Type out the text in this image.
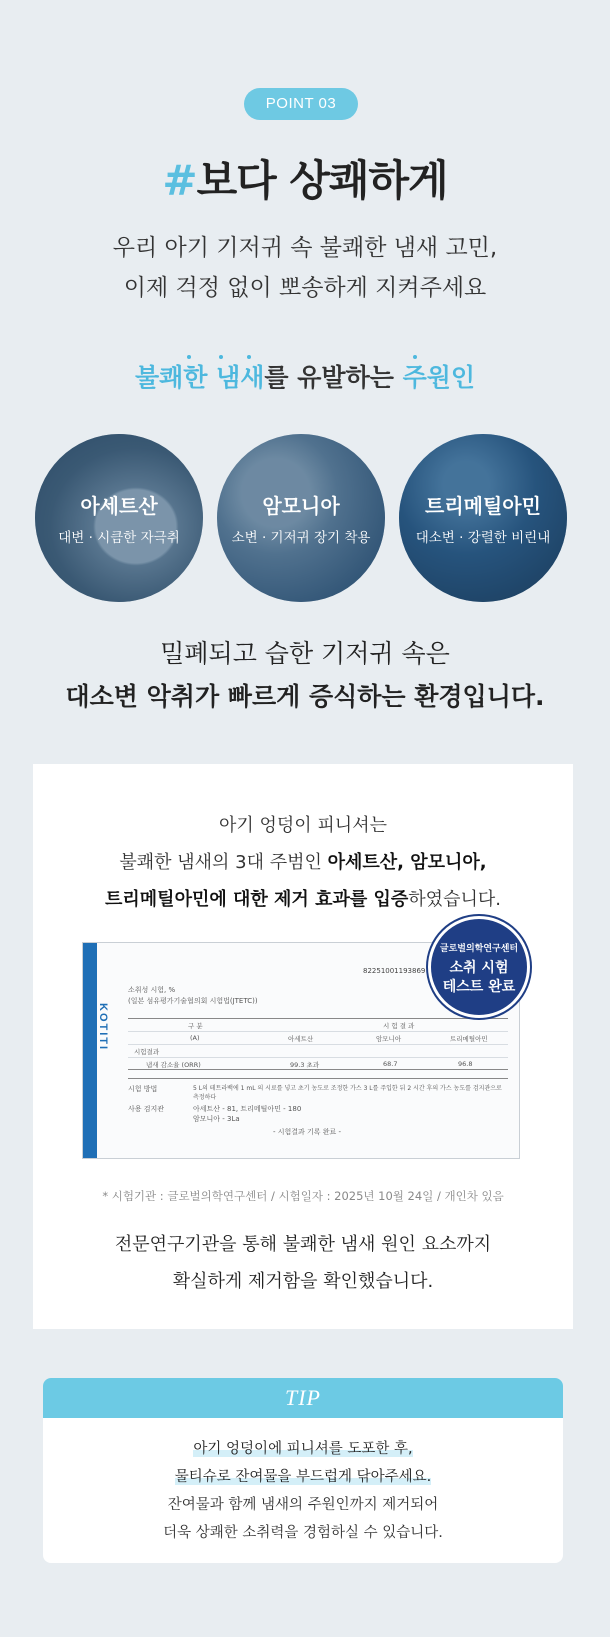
POINT 03
#보다 상쾌하게
우리 아기 기저귀 속 불쾌한 냄새 고민,
이제 걱정 없이 뽀송하게 지켜주세요
불쾌한 냄새
를 유발하는 주원인
아세트산
대변 · 시큼한 자극취
암모니아
소변 · 기저귀 장기 착용
트리메틸아민
대소변 · 강렬한 비린내
밀폐되고 습한 기저귀 속은
대소변 악취가 빠르게 증식하는 환경입니다.
아기 엉덩이 피니셔는
불쾌한 냄새의 3대 주범인 아세트산, 암모니아,
트리메틸아민에 대한 제거 효과를 입증하였습니다.
KOTITI
82251001193869
소취성 시험, %
(일본 섬유평가기술협의회 시험법(JTETC))
구 분	시 험 결 과
(A)	아세트산	암모니아	트리메틸아민
시험결과
냄새 감소율 (ORR)	99.3 초과	68.7	96.8
시험 방법	5 L의 테트라백에 1 mL 의 시료를 넣고 초기 농도로 조정한 가스 3 L를 주입한 뒤 2 시간 후의 가스 농도를 검지관으로 측정하다
사용 검지관	아세트산 - 81, 트리메틸아민 - 180
암모니아 - 3La
- 시험결과 기록 완료 -
글로벌의학연구센터
소취 시험
테스트 완료
* 시험기관 : 글로벌의학연구센터 / 시험일자 : 2025년 10월 24일 / 개인차 있음
전문연구기관을 통해 불쾌한 냄새 원인 요소까지
확실하게 제거함을 확인했습니다.
TIP
아기 엉덩이에 피니셔를 도포한 후,
물티슈로 잔여물을 부드럽게 닦아주세요.
잔여물과 함께 냄새의 주원인까지 제거되어
더욱 상쾌한 소취력을 경험하실 수 있습니다.
